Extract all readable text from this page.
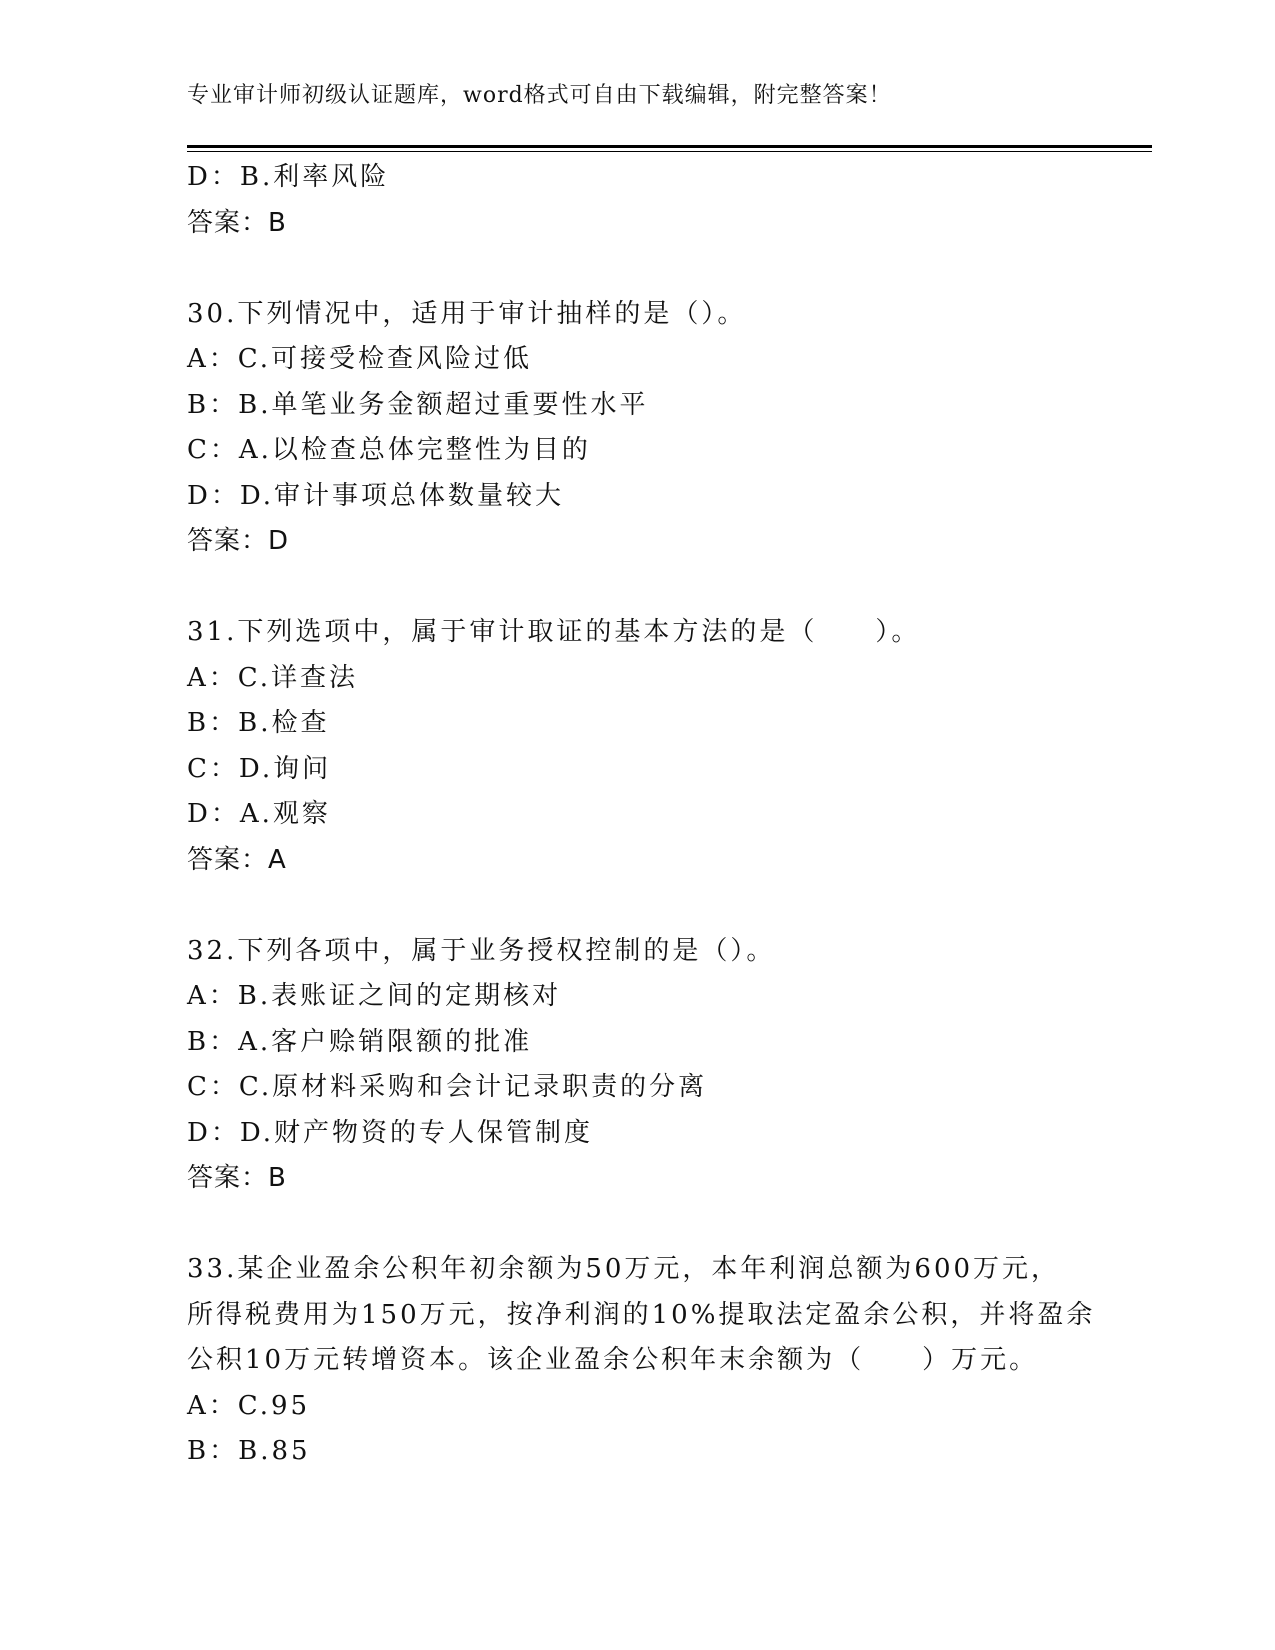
专业审计师初级认证题库，word格式可自由下载编辑，附完整答案！
D：B.利率风险
答案：B
30.下列情况中，适用于审计抽样的是（）。
A：C.可接受检查风险过低
B：B.单笔业务金额超过重要性水平
C：A.以检查总体完整性为目的
D：D.审计事项总体数量较大
答案：D
31.下列选项中，属于审计取证的基本方法的是（　　）。
A：C.详查法
B：B.检查
C：D.询问
D：A.观察
答案：A
32.下列各项中，属于业务授权控制的是（）。
A：B.表账证之间的定期核对
B：A.客户赊销限额的批准
C：C.原材料采购和会计记录职责的分离
D：D.财产物资的专人保管制度
答案：B
33.某企业盈余公积年初余额为50万元，本年利润总额为600万元，
所得税费用为150万元，按净利润的10%提取法定盈余公积，并将盈余
公积10万元转增资本。该企业盈余公积年末余额为（　　）万元。
A：C.95
B：B.85
